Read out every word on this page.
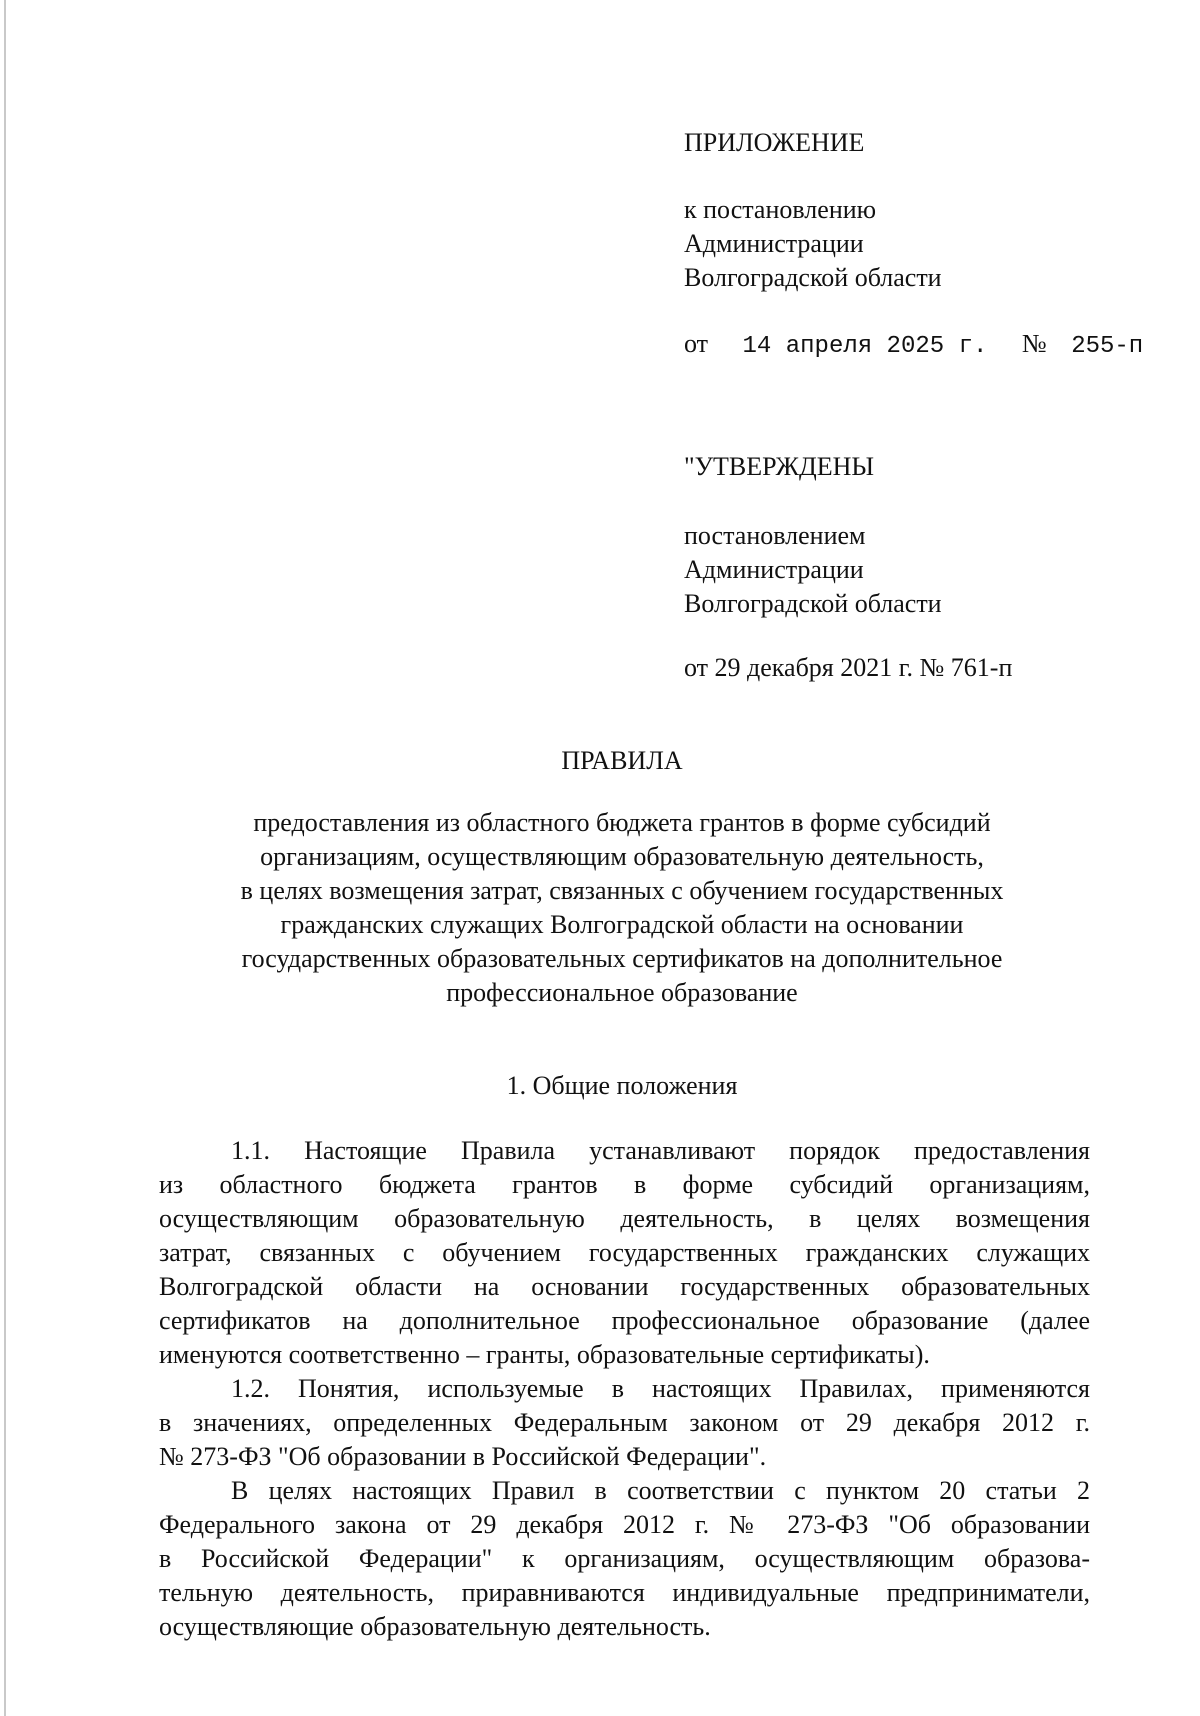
ПРИЛОЖЕНИЕ
к постановлению
Администрации
Волгоградской области
от 14 апреля 2025 г. № 255-п
"УТВЕРЖДЕНЫ
постановлением
Администрации
Волгоградской области
от 29 декабря 2021 г. № 761-п
ПРАВИЛА
предоставления из областного бюджета грантов в форме субсидий
организациям, осуществляющим образовательную деятельность,
в целях возмещения затрат, связанных с обучением государственных
гражданских служащих Волгоградской области на основании
государственных образовательных сертификатов на дополнительное
профессиональное образование
1. Общие положения
1.1. Настоящие Правила устанавливают порядок предоставления
из областного бюджета грантов в форме субсидий организациям,
осуществляющим образовательную деятельность, в целях возмещения
затрат, связанных с обучением государственных гражданских служащих
Волгоградской области на основании государственных образовательных
сертификатов на дополнительное профессиональное образование (далее
именуются соответственно – гранты, образовательные сертификаты).
1.2. Понятия, используемые в настоящих Правилах, применяются
в значениях, определенных Федеральным законом от 29 декабря 2012 г.
№ 273-ФЗ "Об образовании в Российской Федерации".
В целях настоящих Правил в соответствии с пунктом 20 статьи 2
Федерального закона от 29 декабря 2012 г. № 273-ФЗ "Об образовании
в Российской Федерации" к организациям, осуществляющим образова-
тельную деятельность, приравниваются индивидуальные предприниматели,
осуществляющие образовательную деятельность.
